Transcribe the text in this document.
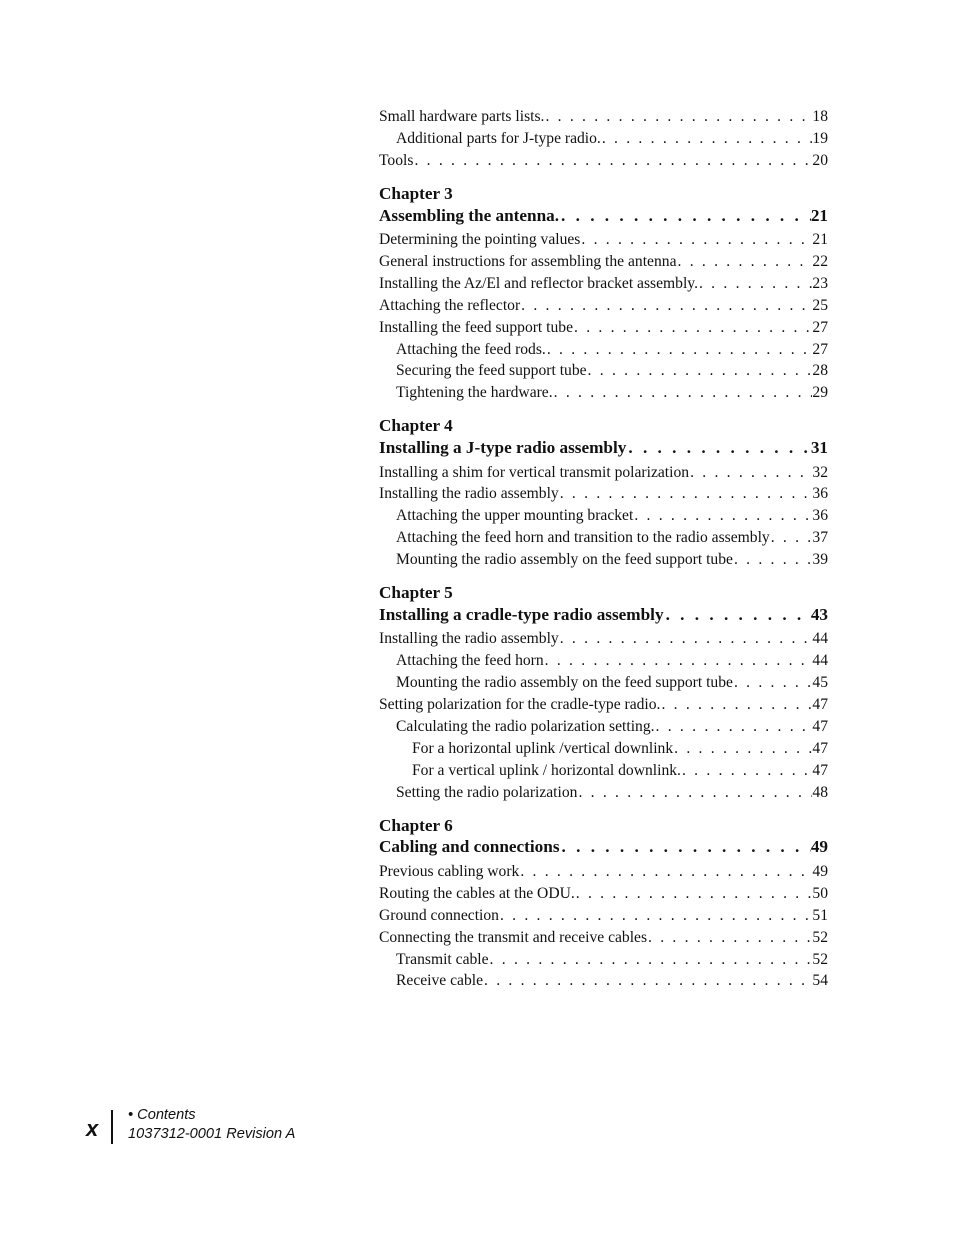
Small hardware parts lists. . . .	18
Additional parts for J-type radio. . . .	19
Tools . . .	20
Chapter 3
Assembling the antenna. . . .	21
Determining the pointing values . . .	21
General instructions for assembling the antenna . . .	22
Installing the Az/El and reflector bracket assembly. . . .	23
Attaching the reflector . . .	25
Installing the feed support tube . . .	27
Attaching the feed rods. . . .	27
Securing the feed support tube . . .	28
Tightening the hardware. . . .	29
Chapter 4
Installing a J-type radio assembly . . .	31
Installing a shim for vertical transmit polarization . . .	32
Installing the radio assembly . . .	36
Attaching the upper mounting bracket . . .	36
Attaching the feed horn and transition to the radio assembly . . .	37
Mounting the radio assembly on the feed support tube . . .	39
Chapter 5
Installing a cradle-type radio assembly . . .	43
Installing the radio assembly . . .	44
Attaching the feed horn . . .	44
Mounting the radio assembly on the feed support tube . . .	45
Setting polarization for the cradle-type radio. . . .	47
Calculating the radio polarization setting. . . .	47
For a horizontal uplink /vertical downlink . . .	47
For a vertical uplink / horizontal downlink. . . .	47
Setting the radio polarization . . .	48
Chapter 6
Cabling and connections . . .	49
Previous cabling work . . .	49
Routing the cables at the ODU. . . .	50
Ground connection . . .	51
Connecting the transmit and receive cables . . .	52
Transmit cable . . .	52
Receive cable . . .	54
x
• Contents
1037312-0001 Revision A
